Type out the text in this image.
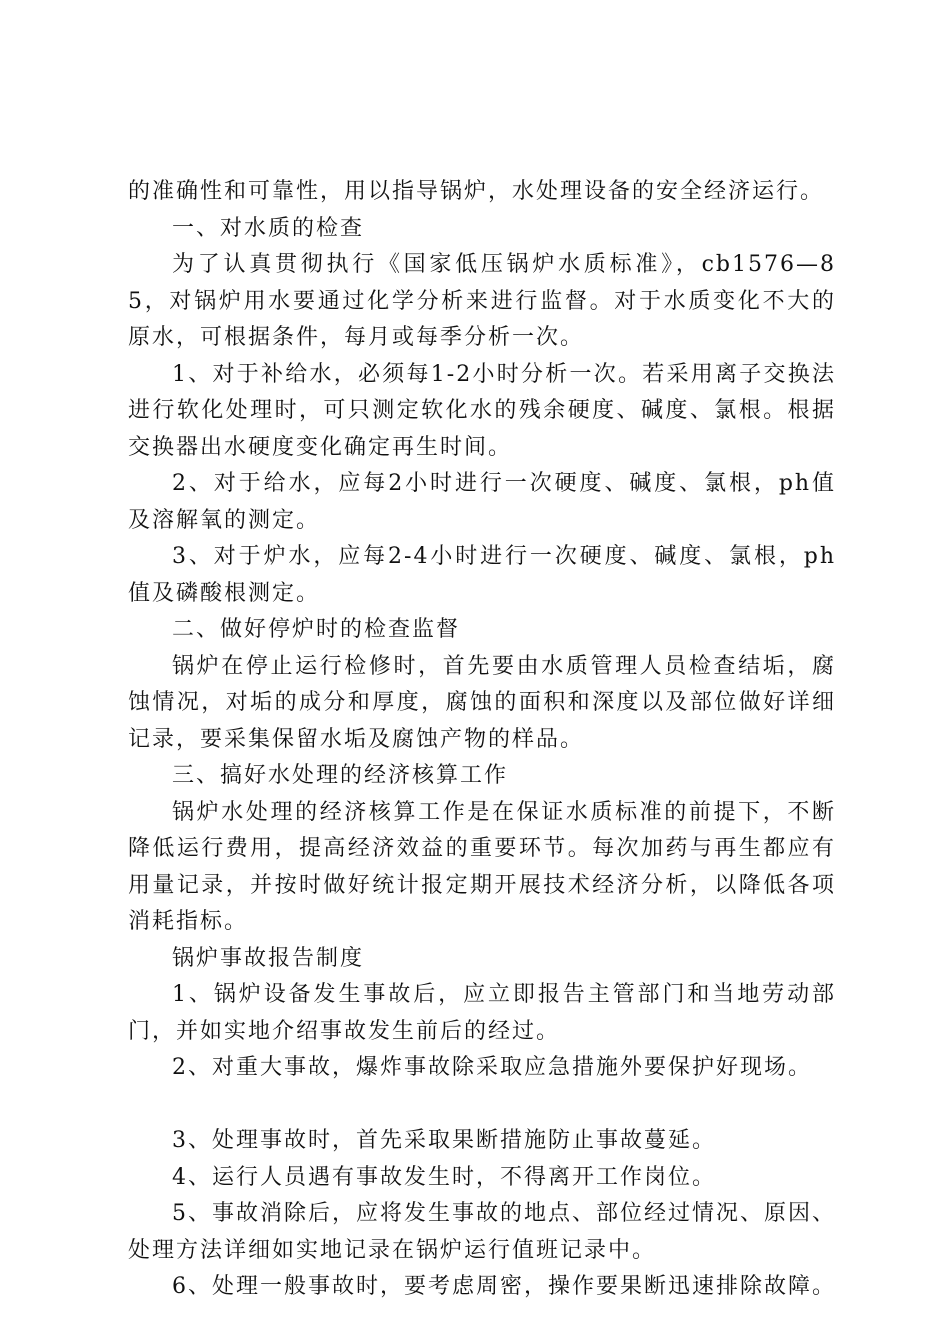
的准确性和可靠性，用以指导锅炉，水处理设备的安全经济运行。

一、对水质的检查

为了认真贯彻执行《国家低压锅炉水质标准》，cb1576—85，对锅炉用水要通过化学分析来进行监督。对于水质变化不大的原水，可根据条件，每月或每季分析一次。

1、对于补给水，必须每1-2小时分析一次。若采用离子交换法进行软化处理时，可只测定软化水的残余硬度、碱度、氯根。根据交换器出水硬度变化确定再生时间。

2、对于给水，应每2小时进行一次硬度、碱度、氯根，ph值及溶解氧的测定。

3、对于炉水，应每2-4小时进行一次硬度、碱度、氯根，ph值及磷酸根测定。

二、做好停炉时的检查监督

锅炉在停止运行检修时，首先要由水质管理人员检查结垢，腐蚀情况，对垢的成分和厚度，腐蚀的面积和深度以及部位做好详细记录，要采集保留水垢及腐蚀产物的样品。

三、搞好水处理的经济核算工作

锅炉水处理的经济核算工作是在保证水质标准的前提下，不断降低运行费用，提高经济效益的重要环节。每次加药与再生都应有用量记录，并按时做好统计报定期开展技术经济分析，以降低各项消耗指标。

锅炉事故报告制度

1、锅炉设备发生事故后，应立即报告主管部门和当地劳动部门，并如实地介绍事故发生前后的经过。

2、对重大事故，爆炸事故除采取应急措施外要保护好现场。

3、处理事故时，首先采取果断措施防止事故蔓延。

4、运行人员遇有事故发生时，不得离开工作岗位。

5、事故消除后，应将发生事故的地点、部位经过情况、原因、处理方法详细如实地记录在锅炉运行值班记录中。

6、处理一般事故时，要考虑周密，操作要果断迅速排除故障。
